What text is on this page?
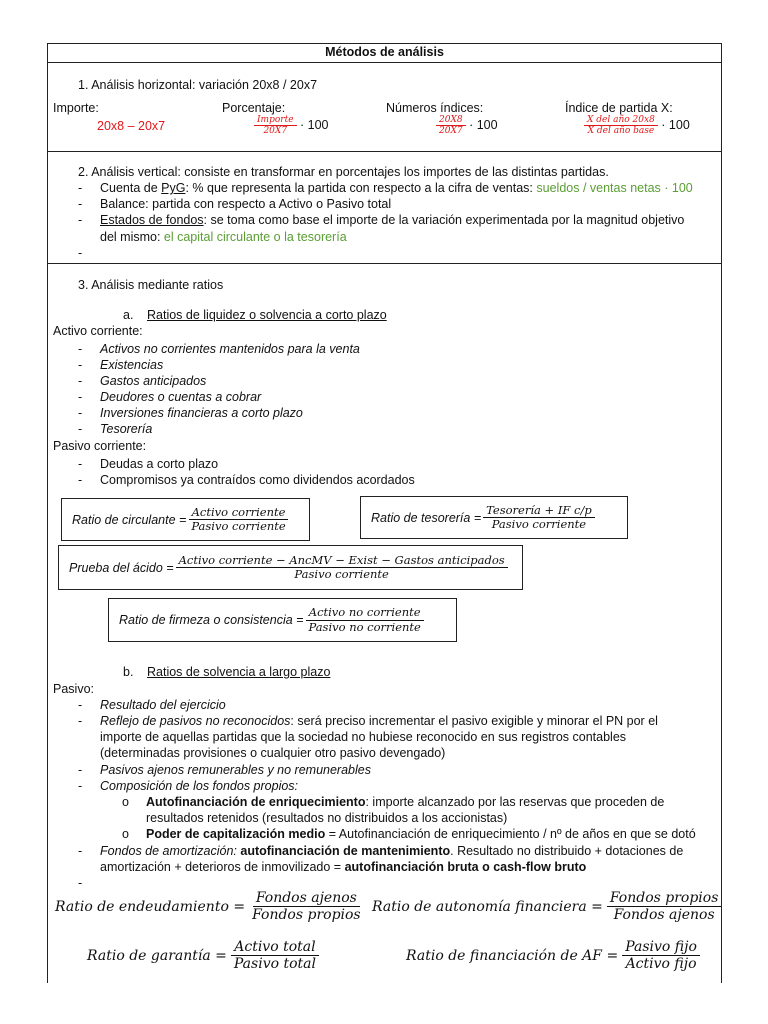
Métodos de análisis
1. Análisis horizontal: variación 20x8 / 20x7
Importe:
20x8 – 20x7
Porcentaje:
$\frac{\text{Importe}}{20X7} \cdot 100$
Números índices:
$\frac{20X8}{20X7} \cdot 100$
Índice de partida X:
$\frac{\text{X del año 20x8}}{\text{X del año base}} \cdot 100$
2. Análisis vertical: consiste en transformar en porcentajes los importes de las distintas partidas.
- Cuenta de PyG: % que representa la partida con respecto a la cifra de ventas: sueldos / ventas netas · 100
- Balance: partida con respecto a Activo o Pasivo total
- Estados de fondos: se toma como base el importe de la variación experimentada por la magnitud objetivo
del mismo: el capital circulante o la tesorería
-
3. Análisis mediante ratios
a. Ratios de liquidez o solvencia a corto plazo
Activo corriente:
- Activos no corrientes mantenidos para la venta
- Existencias
- Gastos anticipados
- Deudores o cuentas a cobrar
- Inversiones financieras a corto plazo
- Tesorería
Pasivo corriente:
- Deudas a corto plazo
- Compromisos ya contraídos como dividendos acordados
Ratio de circulante = $\frac{\text{Activo corriente}}{\text{Pasivo corriente}}$	Ratio de tesorería = $\frac{\text{Tesorería + IF c/p}}{\text{Pasivo corriente}}$
Prueba del ácido = $\frac{\text{Activo corriente − AncMV − Exist − Gastos anticipados}}{\text{Pasivo corriente}}$
Ratio de firmeza o consistencia = $\frac{\text{Activo no corriente}}{\text{Pasivo no corriente}}$
b. Ratios de solvencia a largo plazo
Pasivo:
- Resultado del ejercicio
- Reflejo de pasivos no reconocidos: será preciso incrementar el pasivo exigible y minorar el PN por el
importe de aquellas partidas que la sociedad no hubiese reconocido en sus registros contables
(determinadas provisiones o cualquier otro pasivo devengado)
- Pasivos ajenos remunerables y no remunerables
- Composición de los fondos propios:
o Autofinanciación de enriquecimiento: importe alcanzado por las reservas que proceden de
resultados retenidos (resultados no distribuidos a los accionistas)
o Poder de capitalización medio = Autofinanciación de enriquecimiento / nº de años en que se dotó
- Fondos de amortización: autofinanciación de mantenimiento. Resultado no distribuido + dotaciones de
amortización + deterioros de inmovilizado = autofinanciación bruta o cash-flow bruto
-
Ratio de endeudamiento = $\frac{\text{Fondos ajenos}}{\text{Fondos propios}}$ Ratio de autonomía financiera = $\frac{\text{Fondos propios}}{\text{Fondos ajenos}}$
Ratio de garantía = $\frac{\text{Activo total}}{\text{Pasivo total}}$	Ratio de financiación de AF = $\frac{\text{Pasivo fijo}}{\text{Activo fijo}}$
